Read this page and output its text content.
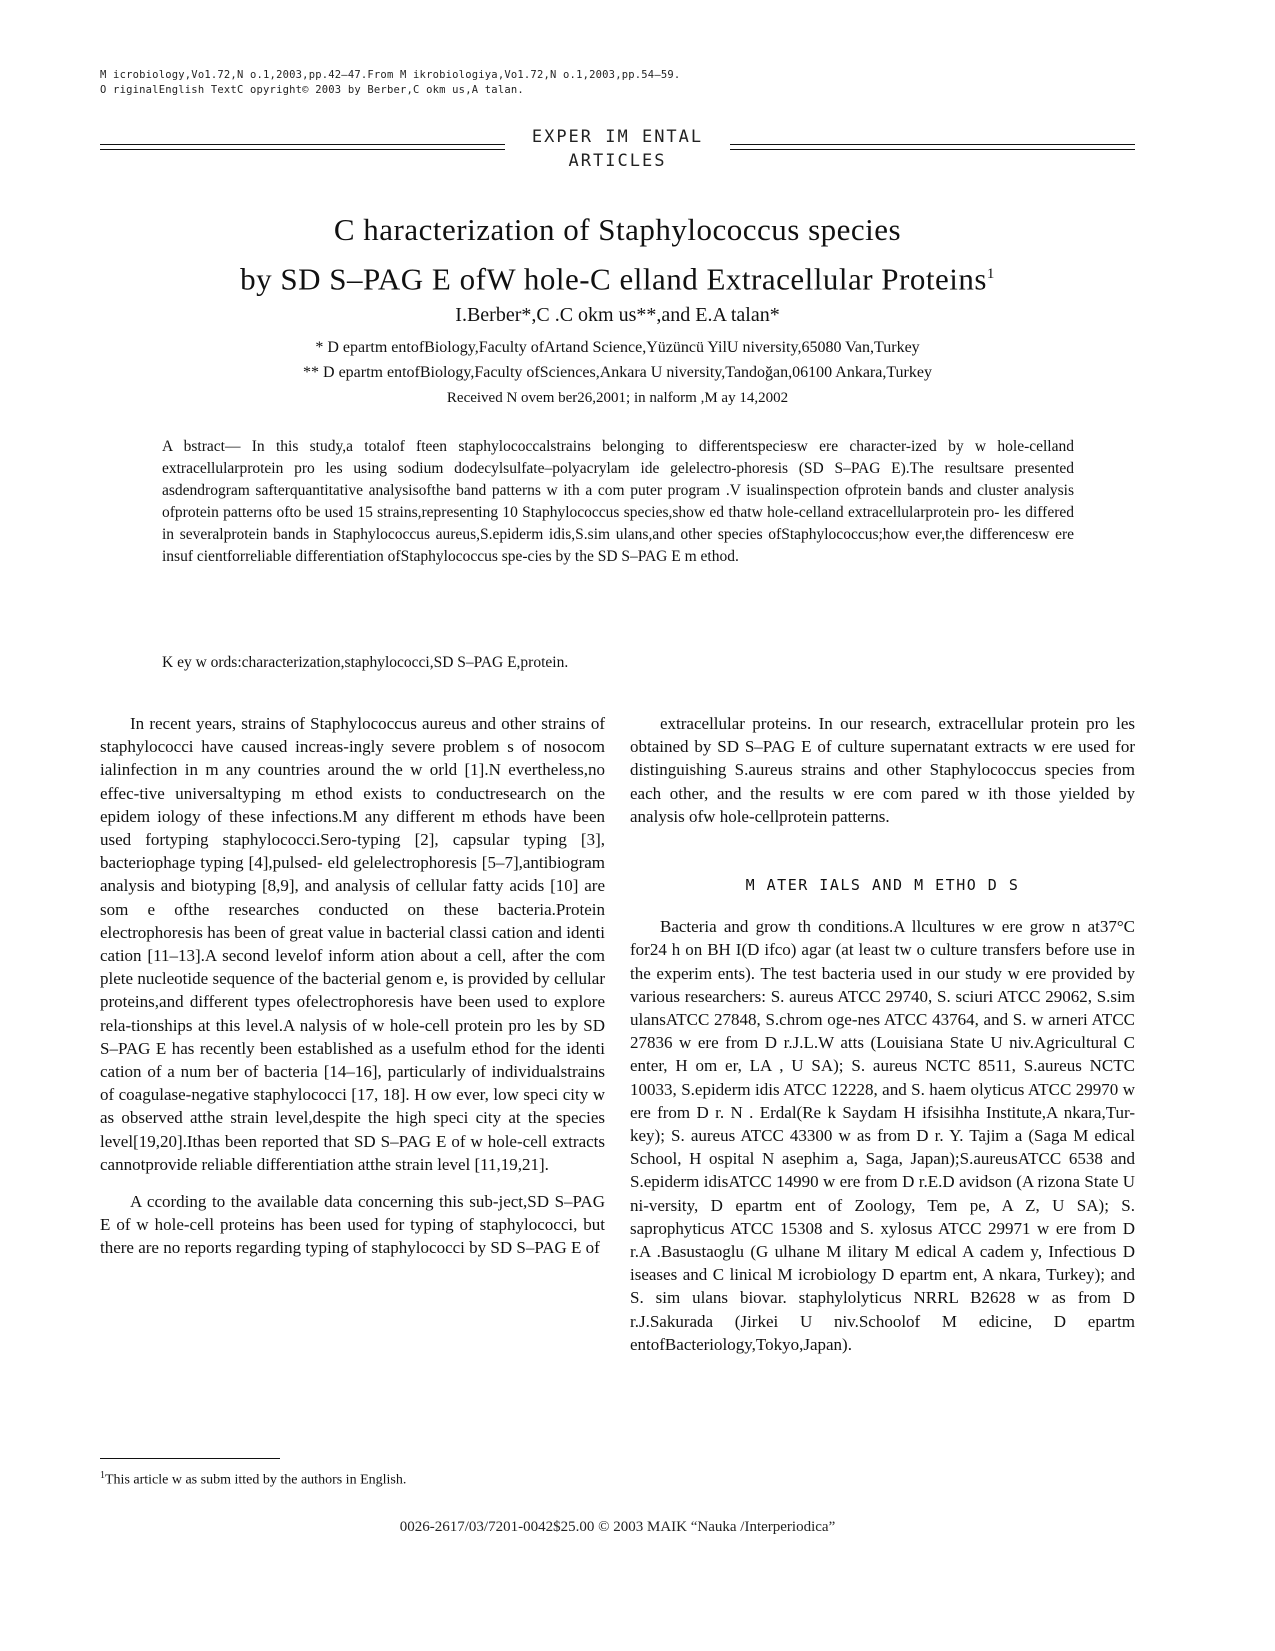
M icrobiology,Vo1.72,N o.1,2003,pp.42–47.From M ikrobiologiya,Vo1.72,N o.1,2003,pp.54–59.
O riginalEnglish TextC opyright© 2003 by Berber,C okm us,A talan.
EXPER IM ENTAL ARTICLES
C haracterization of Staphylococcus species
by SD S–PAG E ofW hole-C elland Extracellular Proteins$^1$
I.Berber*,C .C okm us**,and E.A talan*
* D epartm entofBiology,Faculty ofArtand Science,Yüzüncü YilU niversity,65080 Van,Turkey
** D epartm entofBiology,Faculty ofSciences,Ankara U niversity,Tandoğan,06100 Ankara,Turkey
Received N ovem ber26,2001; in nalform ,M ay 14,2002
A bstract— In this study,a totalof fteen staphylococcalstrains belonging to differentspeciesw ere character-ized by w hole-celland extracellularprotein pro les using sodium dodecylsulfate–polyacrylam ide gelelectro-phoresis (SD S–PAG E).The resultsare presented asdendrogram safterquantitative analysisofthe band patterns w ith a com puter program .V isualinspection ofprotein bands and cluster analysis ofprotein patterns ofto be used 15 strains,representing 10 Staphylococcus species,show ed thatw hole-celland extracellularprotein pro- les differed in severalprotein bands in Staphylococcus aureus,S.epiderm idis,S.sim ulans,and other species ofStaphylococcus;how ever,the differencesw ere insuf cientforreliable differentiation ofStaphylococcus spe-cies by the SD S–PAG E m ethod.
K ey w ords:characterization,staphylococci,SD S–PAG E,protein.

In recent years, strains of Staphylococcus aureus and other strains of staphylococci have caused increas-ingly severe problem s of nosocom ialinfection in m any countries around the w orld [1].N evertheless,no effec-tive universaltyping m ethod exists to conductresearch on the epidem iology of these infections.M any different m ethods have been used fortyping staphylococci.Sero-typing [2], capsular typing [3], bacteriophage typing [4],pulsed- eld gelelectrophoresis [5–7],antibiogram analysis and biotyping [8,9], and analysis of cellular fatty acids [10] are som e ofthe researches conducted on these bacteria.Protein electrophoresis has been of great value in bacterial classi cation and identi cation [11–13].A second levelof inform ation about a cell, after the com plete nucleotide sequence of the bacterial genom e, is provided by cellular proteins,and different types ofelectrophoresis have been used to explore rela-tionships at this level.A nalysis of w hole-cell protein pro les by SD S–PAG E has recently been established as a usefulm ethod for the identi cation of a num ber of bacteria [14–16], particularly of individualstrains of coagulase-negative staphylococci [17, 18]. H ow ever, low speci city w as observed atthe strain level,despite the high speci city at the species level[19,20].Ithas been reported that SD S–PAG E of w hole-cell extracts cannotprovide reliable differentiation atthe strain level [11,19,21].

A ccording to the available data concerning this sub-ject,SD S–PAG E of w hole-cell proteins has been used for typing of staphylococci, but there are no reports regarding typing of staphylococci by SD S–PAG E of

extracellular proteins. In our research, extracellular protein pro les obtained by SD S–PAG E of culture supernatant extracts w ere used for distinguishing S.aureus strains and other Staphylococcus species from each other, and the results w ere com pared w ith those yielded by analysis ofw hole-cellprotein patterns.

M ATER IALS AND M ETHO D S

Bacteria and grow th conditions.A llcultures w ere grow n at37°C for24 h on BH I(D ifco) agar (at least tw o culture transfers before use in the experim ents). The test bacteria used in our study w ere provided by various researchers: S. aureus ATCC 29740, S. sciuri ATCC 29062, S.sim ulansATCC 27848, S.chrom oge-nes ATCC 43764, and S. w arneri ATCC 27836 w ere from D r.J.L.W atts (Louisiana State U niv.Agricultural C enter, H om er, LA , U SA); S. aureus NCTC 8511, S.aureus NCTC 10033, S.epiderm idis ATCC 12228, and S. haem olyticus ATCC 29970 w ere from D r. N . Erdal(Re k Saydam H ifsisihha Institute,A nkara,Tur-key); S. aureus ATCC 43300 w as from D r. Y. Tajim a (Saga M edical School, H ospital N asephim a, Saga, Japan);S.aureusATCC 6538 and S.epiderm idisATCC 14990 w ere from D r.E.D avidson (A rizona State U ni-versity, D epartm ent of Zoology, Tem pe, A Z, U SA); S. saprophyticus ATCC 15308 and S. xylosus ATCC 29971 w ere from D r.A .Basustaoglu (G ulhane M ilitary M edical A cadem y, Infectious D iseases and C linical M icrobiology D epartm ent, A nkara, Turkey); and S. sim ulans biovar. staphylolyticus NRRL B2628 w as from D r.J.Sakurada (Jirkei U niv.Schoolof M edicine, D epartm entofBacteriology,Tokyo,Japan).

$^1$This article w as subm itted by the authors in English.
0026-2617/03/7201-0042$25.00 © 2003 MAIK “Nauka /Interperiodica”
